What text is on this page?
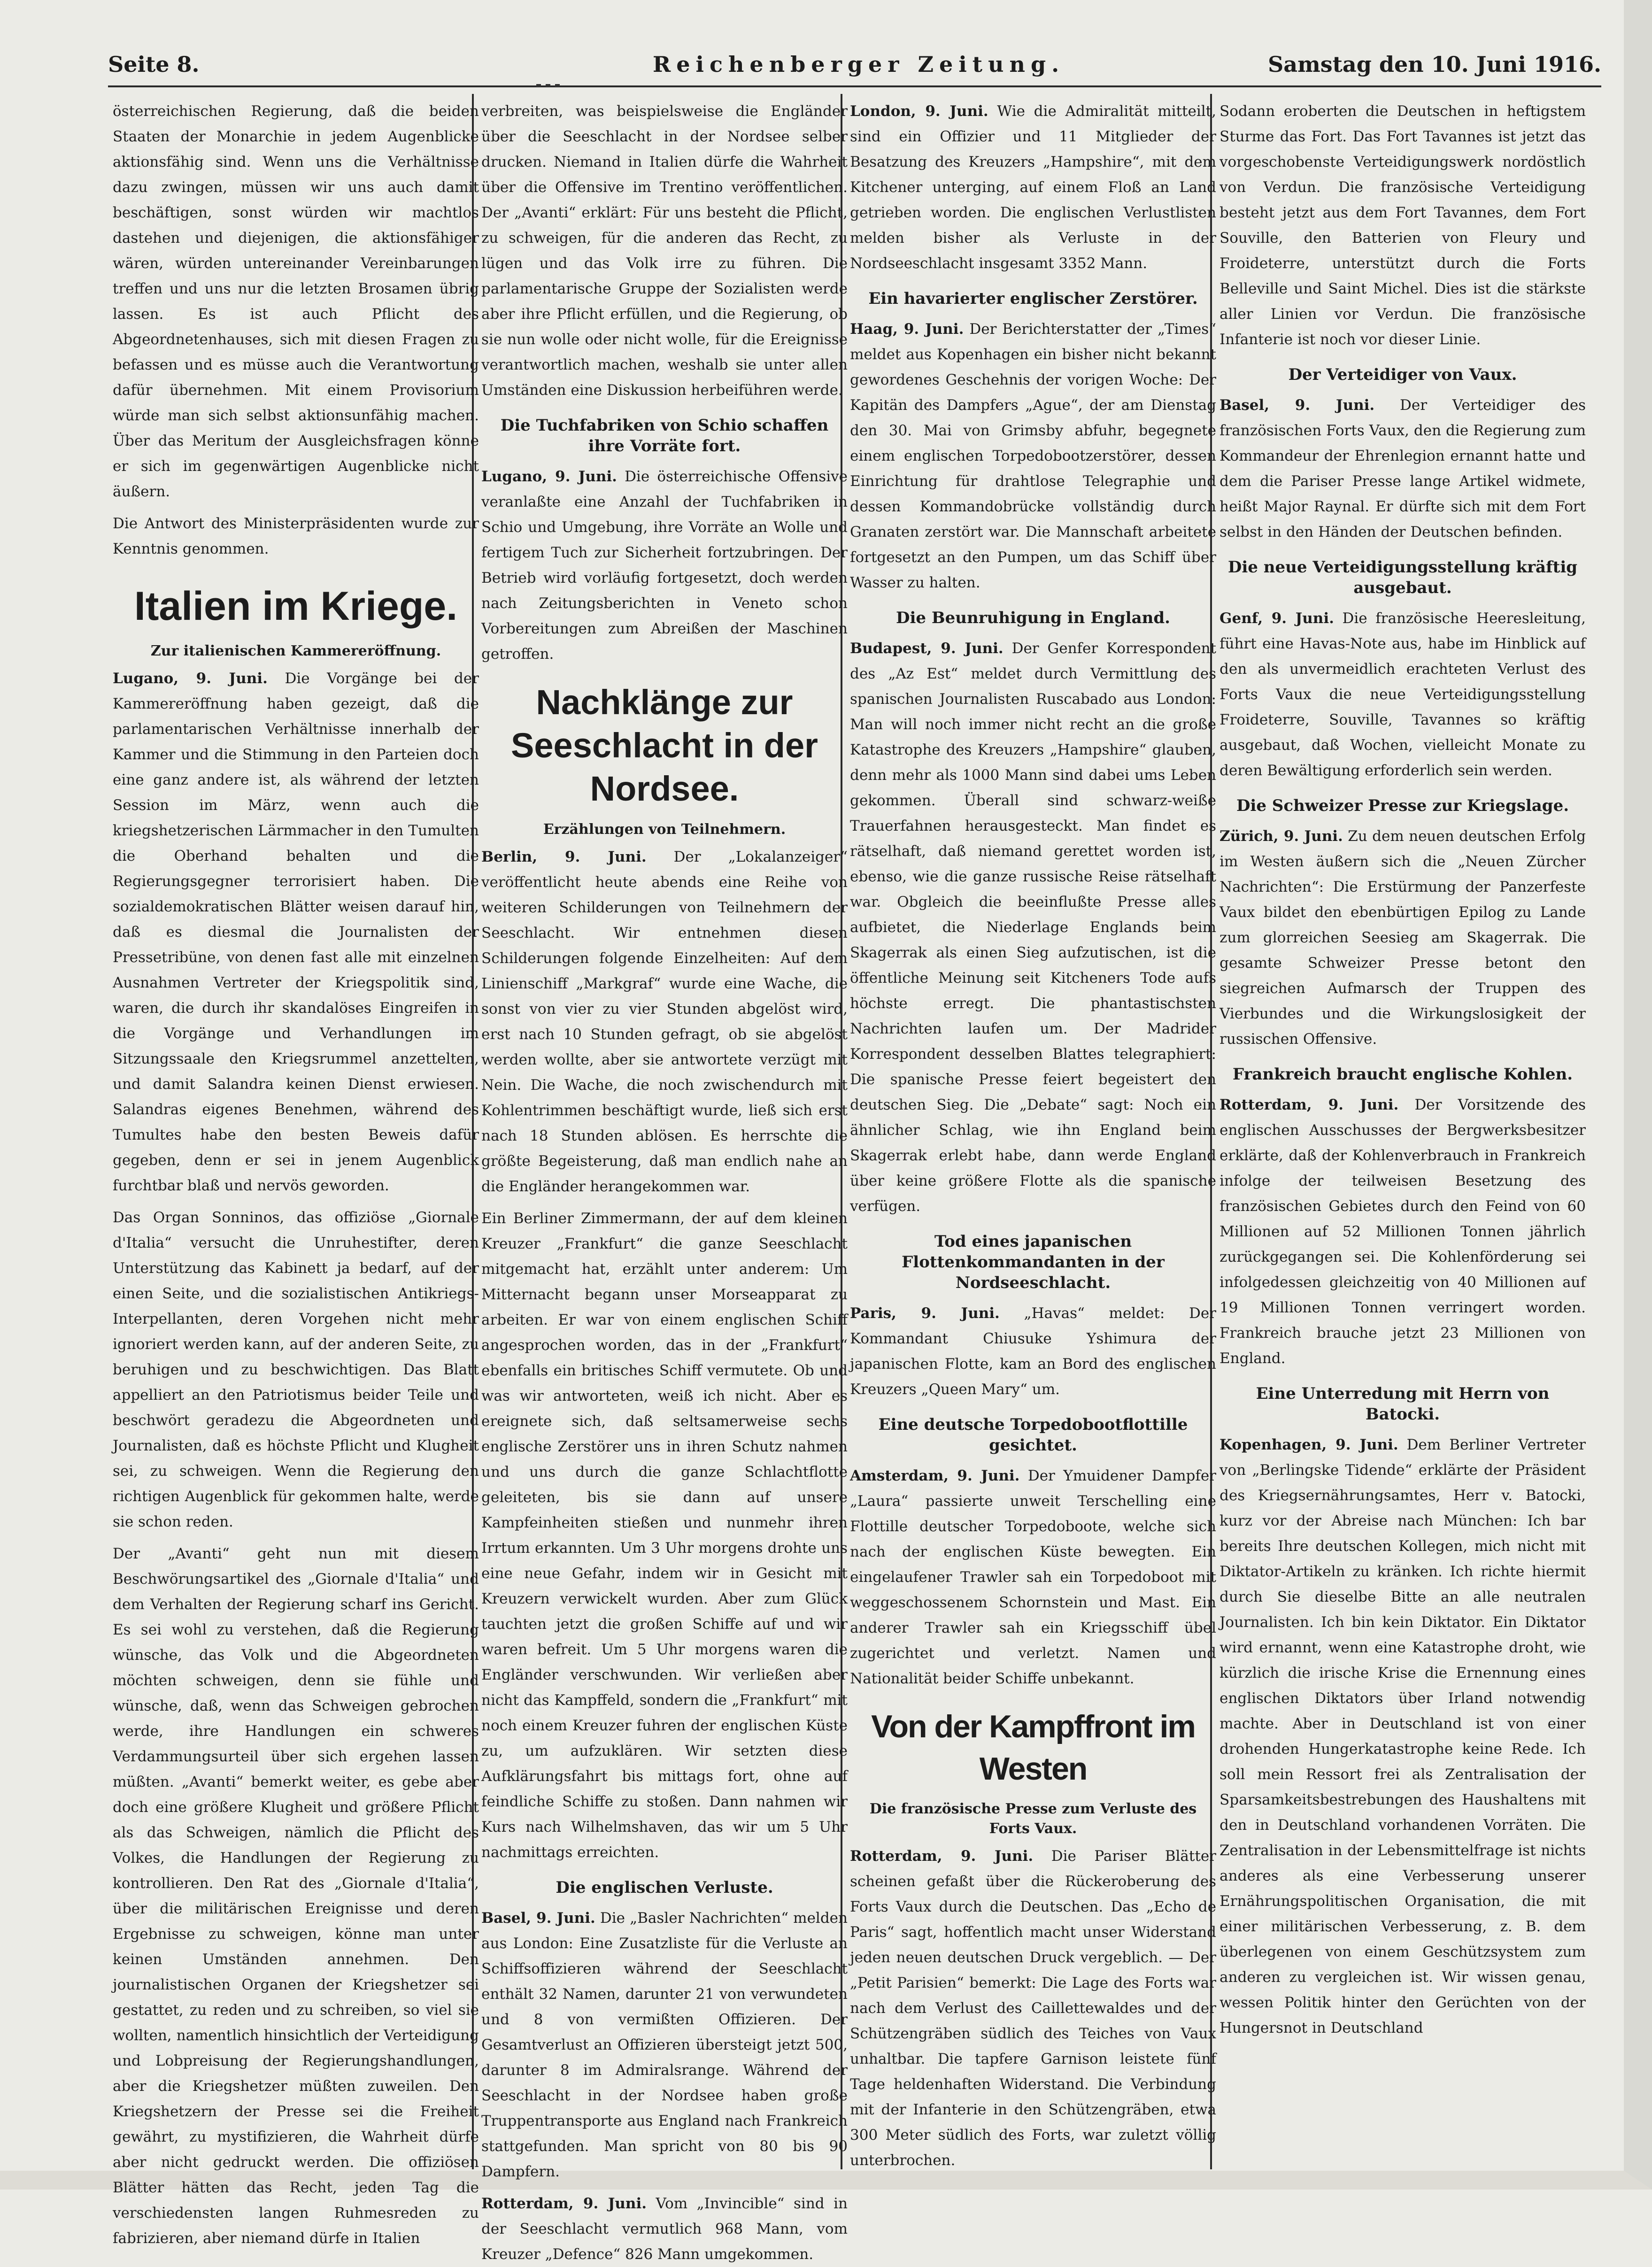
Seite 8.	Reichenberger Zeitung.	Samstag den 10. Juni 1916.

österreichischen Regierung, daß die beiden Staaten der Monarchie in jedem Augenblicke aktionsfähig sind. Wenn uns die Verhältnisse dazu zwingen, müssen wir uns auch damit beschäftigen, sonst würden wir machtlos dastehen und diejenigen, die aktionsfähiger wären, würden untereinander Vereinbarungen treffen und uns nur die letzten Brosamen übrig lassen. Es ist auch Pflicht des Abgeordnetenhauses, sich mit diesen Fragen zu befassen und es müsse auch die Verantwortung dafür übernehmen. Mit einem Provisorium würde man sich selbst aktionsunfähig machen. Über das Meritum der Ausgleichsfragen könne er sich im gegenwärtigen Augenblicke nicht äußern.

Die Antwort des Ministerpräsidenten wurde zur Kenntnis genommen.

Italien im Kriege.
Zur italienischen Kammereröffnung.

Lugano, 9. Juni. Die Vorgänge bei der Kammereröffnung haben gezeigt, daß die parlamentarischen Verhältnisse innerhalb der Kammer und die Stimmung in den Parteien doch eine ganz andere ist, als während der letzten Session im März, wenn auch die kriegshetzerischen Lärmmacher in den Tumulten die Oberhand behalten und die Regierungsgegner terrorisiert haben. Die sozialdemokratischen Blätter weisen darauf hin, daß es diesmal die Journalisten der Pressetribüne, von denen fast alle mit einzelnen Ausnahmen Vertreter der Kriegspolitik sind, waren, die durch ihr skandalöses Eingreifen in die Vorgänge und Verhandlungen im Sitzungssaale den Kriegsrummel anzettelten, und damit Salandra keinen Dienst erwiesen. Salandras eigenes Benehmen, während des Tumultes habe den besten Beweis dafür gegeben, denn er sei in jenem Augenblick furchtbar blaß und nervös geworden.

Das Organ Sonninos, das offiziöse „Giornale d'Italia“ versucht die Unruhestifter, deren Unterstützung das Kabinett ja bedarf, auf der einen Seite, und die sozialistischen Antikriegs-Interpellanten, deren Vorgehen nicht mehr ignoriert werden kann, auf der anderen Seite, zu beruhigen und zu beschwichtigen. Das Blatt appelliert an den Patriotismus beider Teile und beschwört geradezu die Abgeordneten und Journalisten, daß es höchste Pflicht und Klugheit sei, zu schweigen. Wenn die Regierung den richtigen Augenblick für gekommen halte, werde sie schon reden.

Der „Avanti“ geht nun mit diesem Beschwörungsartikel des „Giornale d'Italia“ und dem Verhalten der Regierung scharf ins Gericht. Es sei wohl zu verstehen, daß die Regierung wünsche, das Volk und die Abgeordneten möchten schweigen, denn sie fühle und wünsche, daß, wenn das Schweigen gebrochen werde, ihre Handlungen ein schweres Verdammungsurteil über sich ergehen lassen müßten. „Avanti“ bemerkt weiter, es gebe aber doch eine größere Klugheit und größere Pflicht als das Schweigen, nämlich die Pflicht des Volkes, die Handlungen der Regierung zu kontrollieren. Den Rat des „Giornale d'Italia“, über die militärischen Ereignisse und deren Ergebnisse zu schweigen, könne man unter keinen Umständen annehmen. Den journalistischen Organen der Kriegshetzer sei gestattet, zu reden und zu schreiben, so viel sie wollten, namentlich hinsichtlich der Verteidigung und Lobpreisung der Regierungshandlungen, aber die Kriegshetzer müßten zuweilen. Den Kriegshetzern der Presse sei die Freiheit gewährt, zu mystifizieren, die Wahrheit dürfe aber nicht gedruckt werden. Die offiziösen Blätter hätten das Recht, jeden Tag die verschiedensten langen Ruhmesreden zu fabrizieren, aber niemand dürfe in Italien

verbreiten, was beispielsweise die Engländer über die Seeschlacht in der Nordsee selber drucken. Niemand in Italien dürfe die Wahrheit über die Offensive im Trentino veröffentlichen. Der „Avanti“ erklärt: Für uns besteht die Pflicht, zu schweigen, für die anderen das Recht, zu lügen und das Volk irre zu führen. Die parlamentarische Gruppe der Sozialisten werde aber ihre Pflicht erfüllen, und die Regierung, ob sie nun wolle oder nicht wolle, für die Ereignisse verantwortlich machen, weshalb sie unter allen Umständen eine Diskussion herbeiführen werde.

Die Tuchfabriken von Schio schaffen ihre Vorräte fort.

Lugano, 9. Juni. Die österreichische Offensive veranlaßte eine Anzahl der Tuchfabriken in Schio und Umgebung, ihre Vorräte an Wolle und fertigem Tuch zur Sicherheit fortzubringen. Der Betrieb wird vorläufig fortgesetzt, doch werden nach Zeitungsberichten in Veneto schon Vorbereitungen zum Abreißen der Maschinen getroffen.

Nachklänge zur Seeschlacht in der Nordsee.
Erzählungen von Teilnehmern.

Berlin, 9. Juni. Der „Lokalanzeiger“ veröffentlicht heute abends eine Reihe von weiteren Schilderungen von Teilnehmern der Seeschlacht. Wir entnehmen diesen Schilderungen folgende Einzelheiten: Auf dem Linienschiff „Markgraf“ wurde eine Wache, die sonst von vier zu vier Stunden abgelöst wird, erst nach 10 Stunden gefragt, ob sie abgelöst werden wollte, aber sie antwortete verzügt mit Nein. Die Wache, die noch zwischendurch mit Kohlentrimmen beschäftigt wurde, ließ sich erst nach 18 Stunden ablösen. Es herrschte die größte Begeisterung, daß man endlich nahe an die Engländer herangekommen war.

Ein Berliner Zimmermann, der auf dem kleinen Kreuzer „Frankfurt“ die ganze Seeschlacht mitgemacht hat, erzählt unter anderem: Um Mitternacht begann unser Morseapparat zu arbeiten. Er war von einem englischen Schiff angesprochen worden, das in der „Frankfurt“ ebenfalls ein britisches Schiff vermutete. Ob und was wir antworteten, weiß ich nicht. Aber es ereignete sich, daß seltsamerweise sechs englische Zerstörer uns in ihren Schutz nahmen und uns durch die ganze Schlachtflotte geleiteten, bis sie dann auf unsere Kampfeinheiten stießen und nunmehr ihren Irrtum erkannten. Um 3 Uhr morgens drohte uns eine neue Gefahr, indem wir in Gesicht mit Kreuzern verwickelt wurden. Aber zum Glück tauchten jetzt die großen Schiffe auf und wir waren befreit. Um 5 Uhr morgens waren die Engländer verschwunden. Wir verließen aber nicht das Kampffeld, sondern die „Frankfurt“ mit noch einem Kreuzer fuhren der englischen Küste zu, um aufzuklären. Wir setzten diese Aufklärungsfahrt bis mittags fort, ohne auf feindliche Schiffe zu stoßen. Dann nahmen wir Kurs nach Wilhelmshaven, das wir um 5 Uhr nachmittags erreichten.

Die englischen Verluste.

Basel, 9. Juni. Die „Basler Nachrichten“ melden aus London: Eine Zusatzliste für die Verluste an Schiffsoffizieren während der Seeschlacht enthält 32 Namen, darunter 21 von verwundeten und 8 von vermißten Offizieren. Der Gesamtverlust an Offizieren übersteigt jetzt 500, darunter 8 im Admiralsrange. Während der Seeschlacht in der Nordsee haben große Truppentransporte aus England nach Frankreich stattgefunden. Man spricht von 80 bis 90 Dampfern.

Rotterdam, 9. Juni. Vom „Invincible“ sind in der Seeschlacht vermutlich 968 Mann, vom Kreuzer „Defence“ 826 Mann umgekommen.

London, 9. Juni. Wie die Admiralität mitteilt, sind ein Offizier und 11 Mitglieder der Besatzung des Kreuzers „Hampshire“, mit dem Kitchener unterging, auf einem Floß an Land getrieben worden. Die englischen Verlustlisten melden bisher als Verluste in der Nordseeschlacht insgesamt 3352 Mann.

Ein havarierter englischer Zerstörer.

Haag, 9. Juni. Der Berichterstatter der „Times“ meldet aus Kopenhagen ein bisher nicht bekannt gewordenes Geschehnis der vorigen Woche: Der Kapitän des Dampfers „Ague“, der am Dienstag den 30. Mai von Grimsby abfuhr, begegnete einem englischen Torpedobootzerstörer, dessen Einrichtung für drahtlose Telegraphie und dessen Kommandobrücke vollständig durch Granaten zerstört war. Die Mannschaft arbeitete fortgesetzt an den Pumpen, um das Schiff über Wasser zu halten.

Die Beunruhigung in England.

Budapest, 9. Juni. Der Genfer Korrespondent des „Az Est“ meldet durch Vermittlung des spanischen Journalisten Ruscabado aus London: Man will noch immer nicht recht an die große Katastrophe des Kreuzers „Hampshire“ glauben, denn mehr als 1000 Mann sind dabei ums Leben gekommen. Überall sind schwarz-weiße Trauerfahnen herausgesteckt. Man findet es rätselhaft, daß niemand gerettet worden ist, ebenso, wie die ganze russische Reise rätselhaft war. Obgleich die beeinflußte Presse alles aufbietet, die Niederlage Englands beim Skagerrak als einen Sieg aufzutischen, ist die öffentliche Meinung seit Kitcheners Tode aufs höchste erregt. Die phantastischsten Nachrichten laufen um. Der Madrider Korrespondent desselben Blattes telegraphiert: Die spanische Presse feiert begeistert den deutschen Sieg. Die „Debate“ sagt: Noch ein ähnlicher Schlag, wie ihn England beim Skagerrak erlebt habe, dann werde England über keine größere Flotte als die spanische verfügen.

Tod eines japanischen Flottenkommandanten in der Nordseeschlacht.

Paris, 9. Juni. „Havas“ meldet: Der Kommandant Chiusuke Yshimura der japanischen Flotte, kam an Bord des englischen Kreuzers „Queen Mary“ um.

Eine deutsche Torpedobootflottille gesichtet.

Amsterdam, 9. Juni. Der Ymuidener Dampfer „Laura“ passierte unweit Terschelling eine Flottille deutscher Torpedoboote, welche sich nach der englischen Küste bewegten. Ein eingelaufener Trawler sah ein Torpedoboot mit weggeschossenem Schornstein und Mast. Ein anderer Trawler sah ein Kriegsschiff übel zugerichtet und verletzt. Namen und Nationalität beider Schiffe unbekannt.

Von der Kampffront im Westen
Die französische Presse zum Verluste des Forts Vaux.

Rotterdam, 9. Juni. Die Pariser Blätter scheinen gefaßt über die Rückeroberung des Forts Vaux durch die Deutschen. Das „Echo de Paris“ sagt, hoffentlich macht unser Widerstand jeden neuen deutschen Druck vergeblich. — Der „Petit Parisien“ bemerkt: Die Lage des Forts war nach dem Verlust des Caillettewaldes und der Schützengräben südlich des Teiches von Vaux unhaltbar. Die tapfere Garnison leistete fünf Tage heldenhaften Widerstand. Die Verbindung mit der Infanterie in den Schützengräben, etwa 300 Meter südlich des Forts, war zuletzt völlig unterbrochen.

Sodann eroberten die Deutschen in heftigstem Sturme das Fort. Das Fort Tavannes ist jetzt das vorgeschobenste Verteidigungswerk nordöstlich von Verdun. Die französische Verteidigung besteht jetzt aus dem Fort Tavannes, dem Fort Souville, den Batterien von Fleury und Froideterre, unterstützt durch die Forts Belleville und Saint Michel. Dies ist die stärkste aller Linien vor Verdun. Die französische Infanterie ist noch vor dieser Linie.

Der Verteidiger von Vaux.

Basel, 9. Juni. Der Verteidiger des französischen Forts Vaux, den die Regierung zum Kommandeur der Ehrenlegion ernannt hatte und dem die Pariser Presse lange Artikel widmete, heißt Major Raynal. Er dürfte sich mit dem Fort selbst in den Händen der Deutschen befinden.

Die neue Verteidigungsstellung kräftig ausgebaut.

Genf, 9. Juni. Die französische Heeresleitung, führt eine Havas-Note aus, habe im Hinblick auf den als unvermeidlich erachteten Verlust des Forts Vaux die neue Verteidigungsstellung Froideterre, Souville, Tavannes so kräftig ausgebaut, daß Wochen, vielleicht Monate zu deren Bewältigung erforderlich sein werden.

Die Schweizer Presse zur Kriegslage.

Zürich, 9. Juni. Zu dem neuen deutschen Erfolg im Westen äußern sich die „Neuen Zürcher Nachrichten“: Die Erstürmung der Panzerfeste Vaux bildet den ebenbürtigen Epilog zu Lande zum glorreichen Seesieg am Skagerrak. Die gesamte Schweizer Presse betont den siegreichen Aufmarsch der Truppen des Vierbundes und die Wirkungslosigkeit der russischen Offensive.

Frankreich braucht englische Kohlen.

Rotterdam, 9. Juni. Der Vorsitzende des englischen Ausschusses der Bergwerksbesitzer erklärte, daß der Kohlenverbrauch in Frankreich infolge der teilweisen Besetzung des französischen Gebietes durch den Feind von 60 Millionen auf 52 Millionen Tonnen jährlich zurückgegangen sei. Die Kohlenförderung sei infolgedessen gleichzeitig von 40 Millionen auf 19 Millionen Tonnen verringert worden. Frankreich brauche jetzt 23 Millionen von England.

Eine Unterredung mit Herrn von Batocki.

Kopenhagen, 9. Juni. Dem Berliner Vertreter von „Berlingske Tidende“ erklärte der Präsident des Kriegsernährungsamtes, Herr v. Batocki, kurz vor der Abreise nach München: Ich bar bereits Ihre deutschen Kollegen, mich nicht mit Diktator-Artikeln zu kränken. Ich richte hiermit durch Sie dieselbe Bitte an alle neutralen Journalisten. Ich bin kein Diktator. Ein Diktator wird ernannt, wenn eine Katastrophe droht, wie kürzlich die irische Krise die Ernennung eines englischen Diktators über Irland notwendig machte. Aber in Deutschland ist von einer drohenden Hungerkatastrophe keine Rede. Ich soll mein Ressort frei als Zentralisation der Sparsamkeitsbestrebungen des Haushaltens mit den in Deutschland vorhandenen Vorräten. Die Zentralisation in der Lebensmittelfrage ist nichts anderes als eine Verbesserung unserer Ernährungspolitischen Organisation, die mit einer militärischen Verbesserung, z. B. dem überlegenen von einem Geschützsystem zum anderen zu vergleichen ist. Wir wissen genau, wessen Politik hinter den Gerüchten von der Hungersnot in Deutschland
